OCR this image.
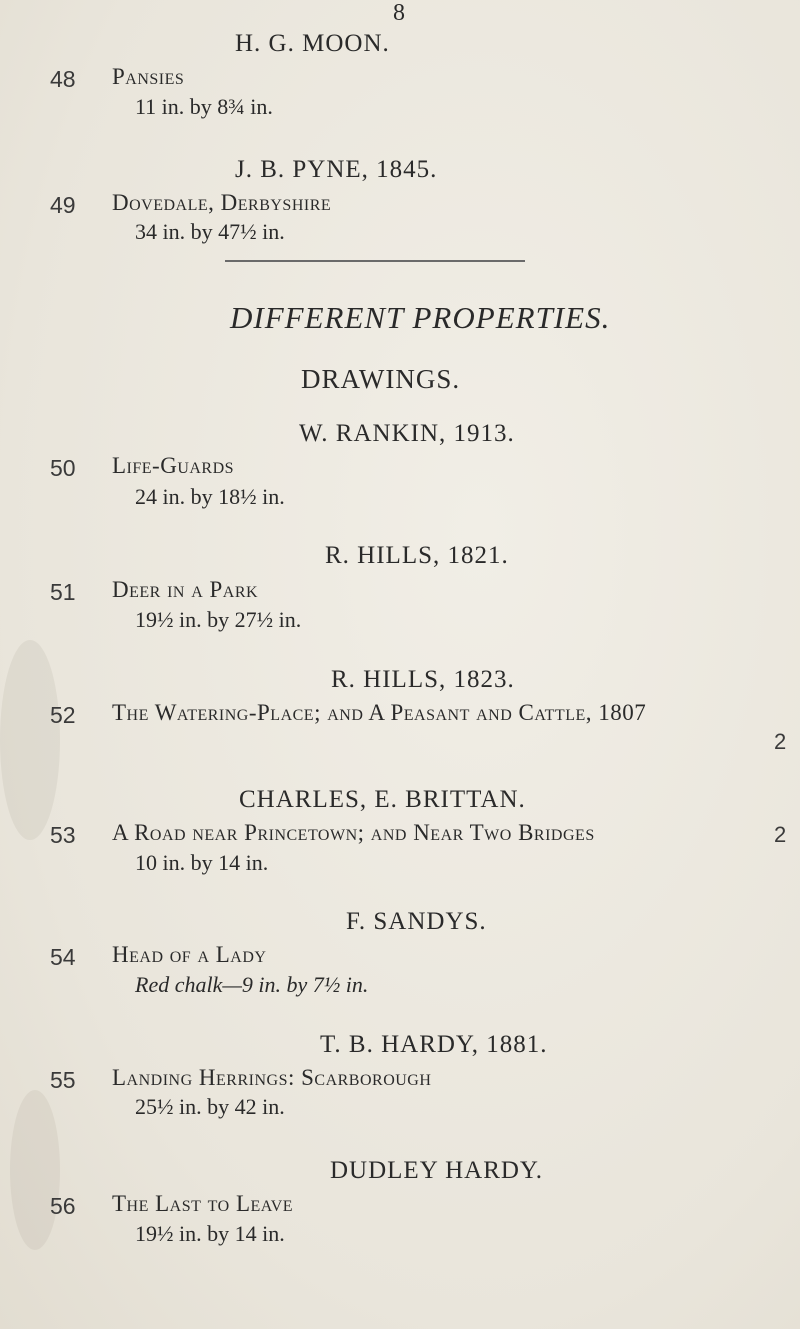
8
H. G. MOON.
48 Pansies
11 in. by 8¾ in.
J. B. PYNE, 1845.
49 Dovedale, Derbyshire
34 in. by 47½ in.
DIFFERENT PROPERTIES.
DRAWINGS.
W. RANKIN, 1913.
50 Life-Guards
24 in. by 18½ in.
R. HILLS, 1821.
51 Deer in a Park
19½ in. by 27½ in.
R. HILLS, 1823.
52 The Watering-Place; and A Peasant and Cattle, 1807
2
CHARLES, E. BRITTAN.
53 A Road near Princetown; and Near Two Bridges	2
10 in. by 14 in.
F. SANDYS.
54 Head of a Lady
Red chalk—9 in. by 7½ in.
T. B. HARDY, 1881.
55 Landing Herrings: Scarborough
25½ in. by 42 in.
DUDLEY HARDY.
56 The Last to Leave
19½ in. by 14 in.
